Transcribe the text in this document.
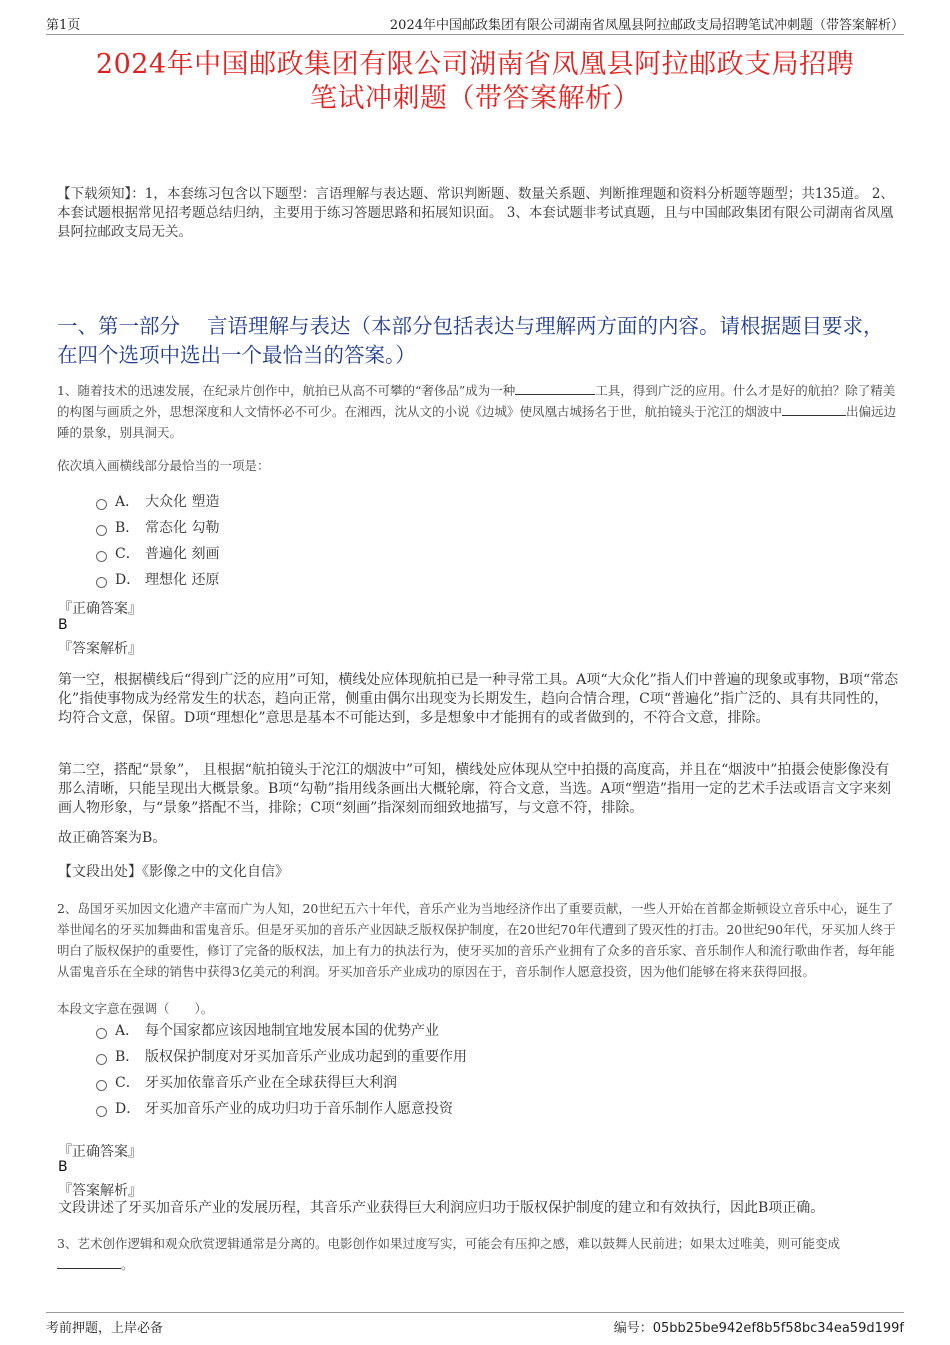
第1页	2024年中国邮政集团有限公司湖南省凤凰县阿拉邮政支局招聘笔试冲刺题（带答案解析）
2024年中国邮政集团有限公司湖南省凤凰县阿拉邮政支局招聘
笔试冲刺题（带答案解析）
【下载须知】：1，本套练习包含以下题型：言语理解与表达题、常识判断题、数量关系题、判断推理题和资料分析题等题型；共135道。 2、本套试题根据常见招考题总结归纳，主要用于练习答题思路和拓展知识面。 3、本套试题非考试真题，且与中国邮政集团有限公司湖南省凤凰县阿拉邮政支局无关。
一、第一部分　 言语理解与表达（本部分包括表达与理解两方面的内容。请根据题目要求，在四个选项中选出一个最恰当的答案。）
1、随着技术的迅速发展，在纪录片创作中，航拍已从高不可攀的“奢侈品”成为一种	工具，得到广泛的应用。什么才是好的航拍？除了精美的构图与画质之外，思想深度和人文情怀必不可少。在湘西，沈从文的小说《边城》使凤凰古城扬名于世，航拍镜头于沱江的烟波中	出偏远边陲的景象，别具洞天。
依次填入画横线部分最恰当的一项是：
A． 大众化 塑造
B． 常态化 勾勒
C． 普遍化 刻画
D． 理想化 还原
『正确答案』
B
『答案解析』
第一空，根据横线后“得到广泛的应用”可知，横线处应体现航拍已是一种寻常工具。A项“大众化”指人们中普遍的现象或事物，B项“常态化”指使事物成为经常发生的状态，趋向正常，侧重由偶尔出现变为长期发生，趋向合情合理，C项“普遍化”指广泛的、具有共同性的，均符合文意，保留。D项“理想化”意思是基本不可能达到，多是想象中才能拥有的或者做到的，不符合文意，排除。
第二空，搭配“景象”， 且根据“航拍镜头于沱江的烟波中”可知，横线处应体现从空中拍摄的高度高，并且在“烟波中”拍摄会使影像没有那么清晰，只能呈现出大概景象。B项“勾勒”指用线条画出大概轮廓，符合文意，当选。A项“塑造”指用一定的艺术手法或语言文字来刻画人物形象，与“景象”搭配不当，排除；C项“刻画”指深刻而细致地描写，与文意不符，排除。
故正确答案为B。
【文段出处】《影像之中的文化自信》
2、岛国牙买加因文化遗产丰富而广为人知，20世纪五六十年代，音乐产业为当地经济作出了重要贡献，一些人开始在首都金斯顿设立音乐中心，诞生了举世闻名的牙买加舞曲和雷鬼音乐。但是牙买加的音乐产业因缺乏版权保护制度，在20世纪70年代遭到了毁灭性的打击。20世纪90年代，牙买加人终于明白了版权保护的重要性，修订了完备的版权法，加上有力的执法行为，使牙买加的音乐产业拥有了众多的音乐家、音乐制作人和流行歌曲作者，每年能从雷鬼音乐在全球的销售中获得3亿美元的利润。牙买加音乐产业成功的原因在于，音乐制作人愿意投资，因为他们能够在将来获得回报。
本段文字意在强调（　　）。
A． 每个国家都应该因地制宜地发展本国的优势产业
B． 版权保护制度对牙买加音乐产业成功起到的重要作用
C． 牙买加依靠音乐产业在全球获得巨大利润
D． 牙买加音乐产业的成功归功于音乐制作人愿意投资
『正确答案』
B
『答案解析』
文段讲述了牙买加音乐产业的发展历程，其音乐产业获得巨大利润应归功于版权保护制度的建立和有效执行，因此B项正确。
3、艺术创作逻辑和观众欣赏逻辑通常是分离的。电影创作如果过度写实，可能会有压抑之感，难以鼓舞人民前进；如果太过唯美，则可能变成
。
考前押题，上岸必备	编号：05bb25be942ef8b5f58bc34ea59d199f
